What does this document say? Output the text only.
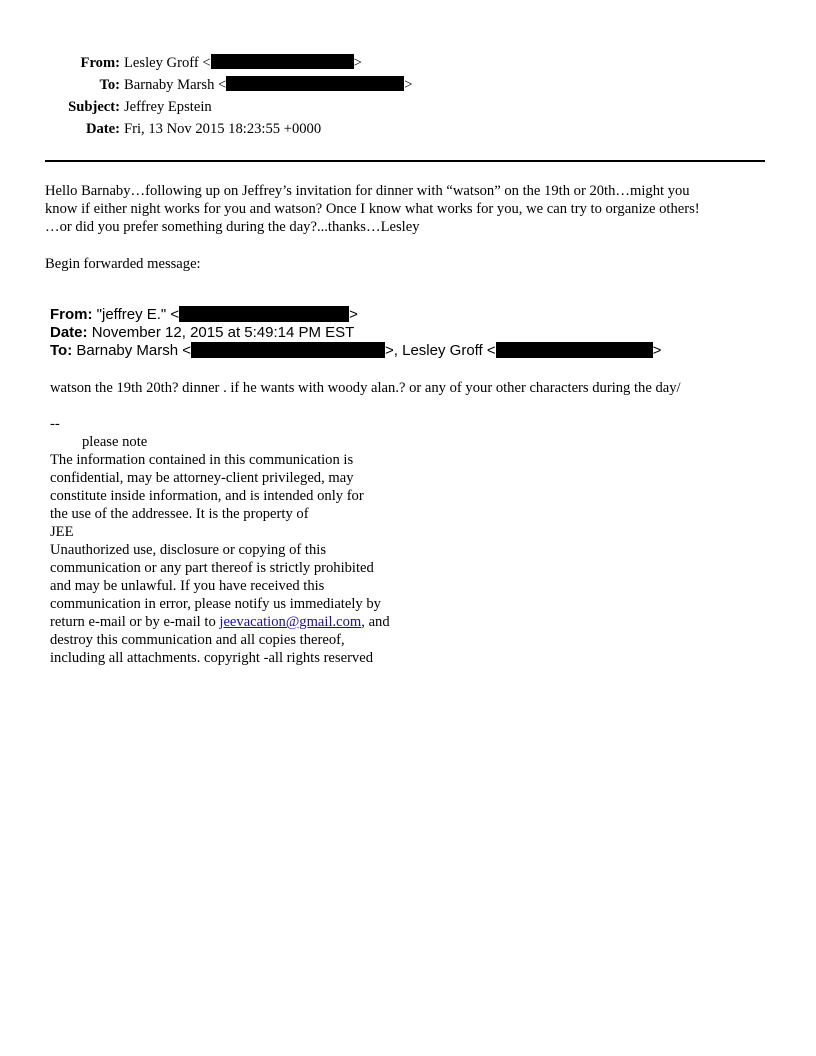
From: Lesley Groff <	>
To: Barnaby Marsh <	>
Subject: Jeffrey Epstein
Date: Fri, 13 Nov 2015 18:23:55 +0000

Hello Barnaby…following up on Jeffrey’s invitation for dinner with “watson” on the 19th or 20th…might you

know if either night works for you and watson? Once I know what works for you, we can try to organize others!

…or did you prefer something during the day?...thanks…Lesley

Begin forwarded message:
From: "jeffrey E." <	>
Date: November 12, 2015 at 5:49:14 PM EST
To: Barnaby Marsh <	>, Lesley Groff <	>
watson the 19th 20th? dinner . if he wants with woody alan.? or any of your other characters during the day/
--
please note
The information contained in this communication is
confidential, may be attorney-client privileged, may
constitute inside information, and is intended only for
the use of the addressee. It is the property of
JEE
Unauthorized use, disclosure or copying of this
communication or any part thereof is strictly prohibited
and may be unlawful. If you have received this
communication in error, please notify us immediately by
return e-mail or by e-mail to jeevacation@gmail.com, and
destroy this communication and all copies thereof,
including all attachments. copyright -all rights reserved
